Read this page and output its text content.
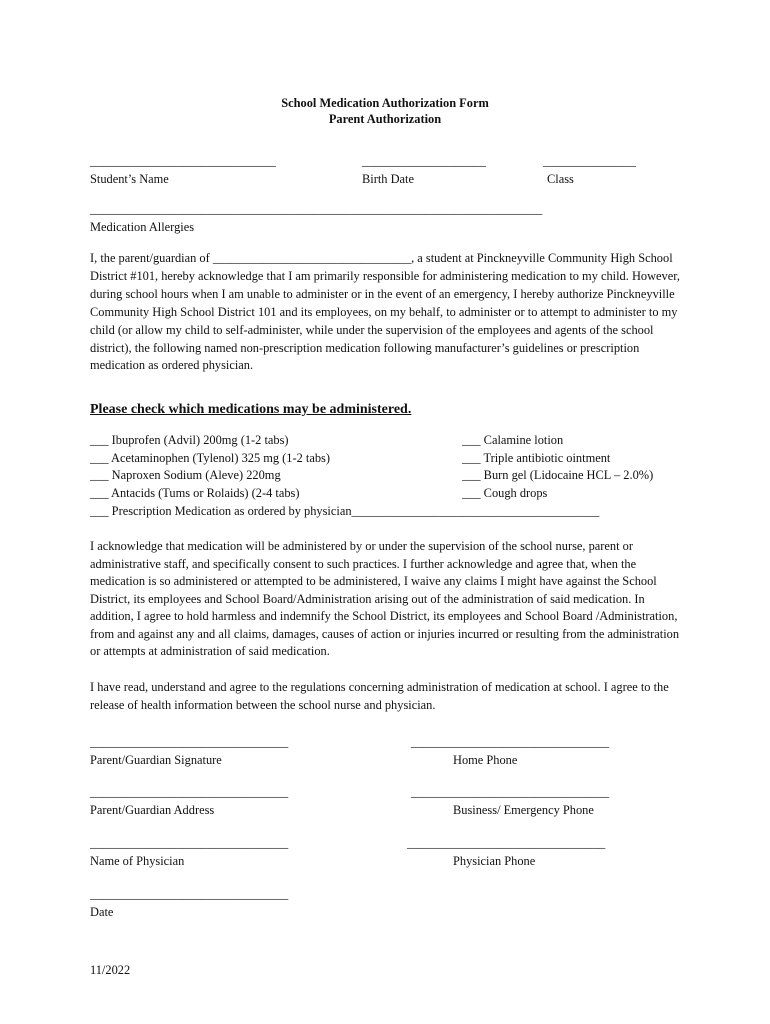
School Medication Authorization Form
Parent Authorization
______________________________
Student’s Name
____________________
Birth Date
_______________
Class
_________________________________________________________________________
Medication Allergies
I, the parent/guardian of ________________________________, a student at Pinckneyville Community High School District #101, hereby acknowledge that I am primarily responsible for administering medication to my child. However, during school hours when I am unable to administer or in the event of an emergency, I hereby authorize Pinckneyville Community High School District 101 and its employees, on my behalf, to administer or to attempt to administer to my child (or allow my child to self-administer, while under the supervision of the employees and agents of the school district), the following named non-prescription medication following manufacturer’s guidelines or prescription medication as ordered physician.
Please check which medications may be administered.
___ Ibuprofen (Advil) 200mg (1-2 tabs)
___ Acetaminophen (Tylenol) 325 mg (1-2 tabs)
___ Naproxen Sodium (Aleve) 220mg
___ Antacids (Tums or Rolaids) (2-4 tabs)
___ Prescription Medication as ordered by physician________________________________________
___ Calamine lotion
___ Triple antibiotic ointment
___ Burn gel (Lidocaine HCL – 2.0%)
___ Cough drops
I acknowledge that medication will be administered by or under the supervision of the school nurse, parent or administrative staff, and specifically consent to such practices. I further acknowledge and agree that, when the medication is so administered or attempted to be administered, I waive any claims I might have against the School District, its employees and School Board/Administration arising out of the administration of said medication. In addition, I agree to hold harmless and indemnify the School District, its employees and School Board /Administration, from and against any and all claims, damages, causes of action or injuries incurred or resulting from the administration or attempts at administration of said medication.
I have read, understand and agree to the regulations concerning administration of medication at school. I agree to the release of health information between the school nurse and physician.
________________________________
Parent/Guardian Signature
________________________________
Home Phone
________________________________
Parent/Guardian Address
________________________________
Business/ Emergency Phone
________________________________
Name of Physician
________________________________
Physician Phone
________________________________
Date
11/2022
